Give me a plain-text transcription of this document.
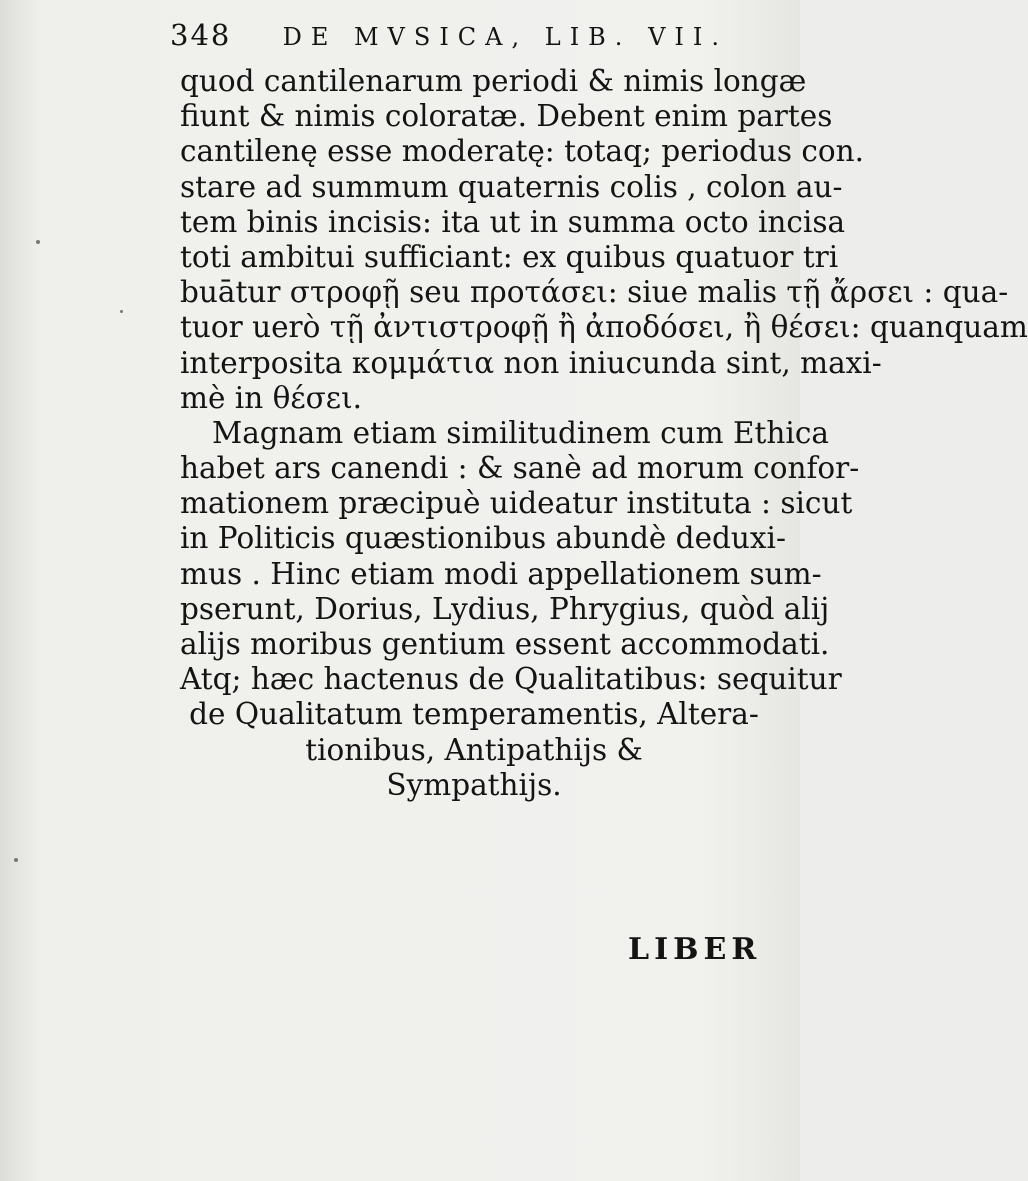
348 DE MVSICA, LIB. VII.
quod cantilenarum periodi & nimis longæ
fiunt & nimis coloratæ. Debent enim partes
cantilenę esse moderatę: totaq; periodus con.
stare ad summum quaternis colis , colon au-
tem binis incisis: ita ut in summa octo incisa
toti ambitui sufficiant: ex quibus quatuor tri
buātur στροφῇ seu προτάσει: siue malis τῇ ἄρσει : qua-
tuor uerò τῇ ἀντιστροφῇ ἢ ἀποδόσει, ἢ θέσει: quanquam
interposita κομμάτια non iniucunda sint, maxi-
mè in θέσει.
Magnam etiam similitudinem cum Ethica
habet ars canendi : & sanè ad morum confor-
mationem præcipuè uideatur instituta : sicut
in Politicis quæstionibus abundè deduxi-
mus . Hinc etiam modi appellationem sum-
pserunt, Dorius, Lydius, Phrygius, quòd alij
alijs moribus gentium essent accommodati.
Atq; hæc hactenus de Qualitatibus: sequitur
de Qualitatum temperamentis, Altera-
tionibus, Antipathijs &
Sympathijs.
LIBER
